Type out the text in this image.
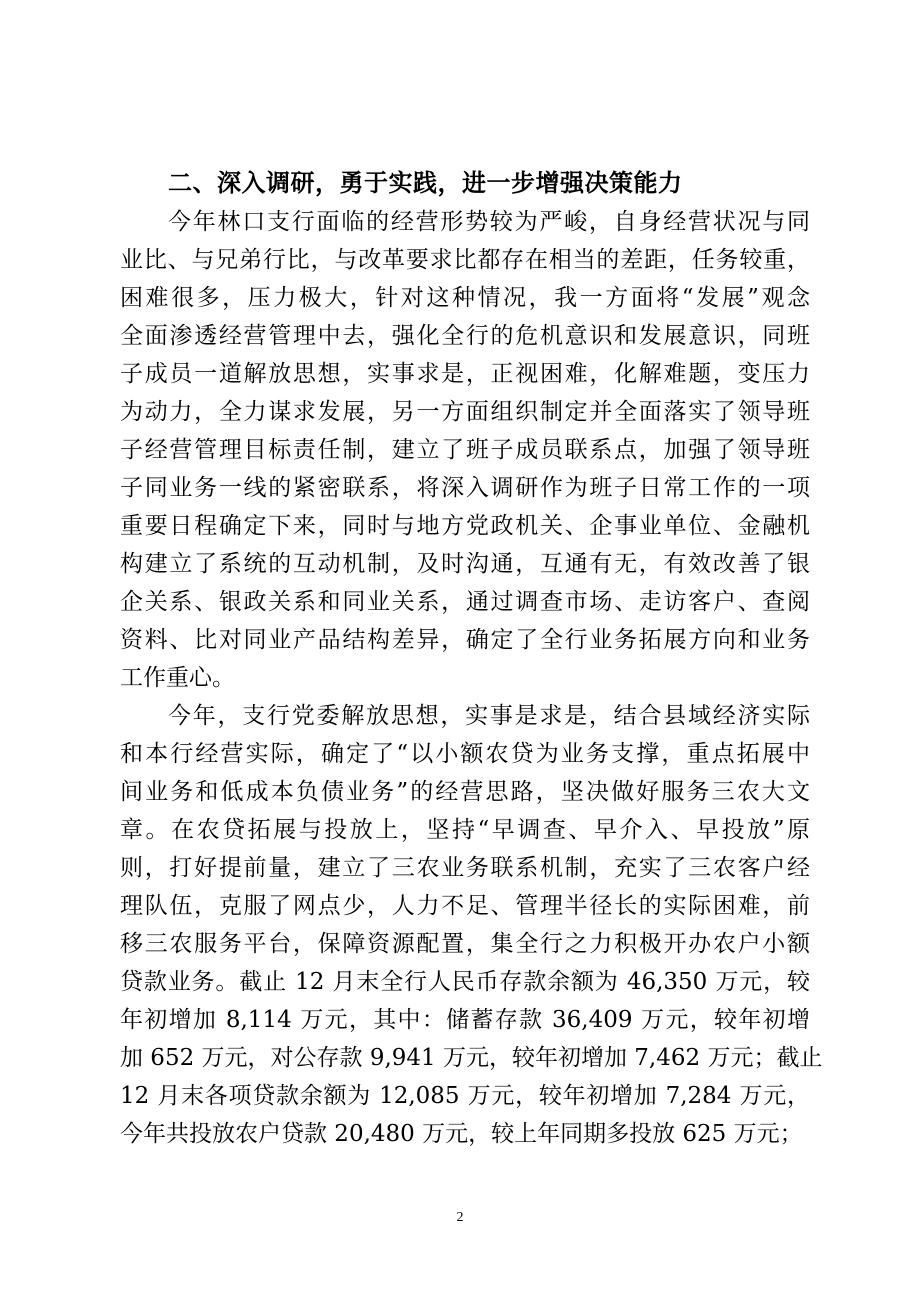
二、深入调研，勇于实践，进一步增强决策能力
今年林口支行面临的经营形势较为严峻，自身经营状况与同
业比、与兄弟行比，与改革要求比都存在相当的差距，任务较重，
困难很多，压力极大，针对这种情况，我一方面将“发展”观念
全面渗透经营管理中去，强化全行的危机意识和发展意识，同班
子成员一道解放思想，实事求是，正视困难，化解难题，变压力
为动力，全力谋求发展，另一方面组织制定并全面落实了领导班
子经营管理目标责任制，建立了班子成员联系点，加强了领导班
子同业务一线的紧密联系，将深入调研作为班子日常工作的一项
重要日程确定下来，同时与地方党政机关、企事业单位、金融机
构建立了系统的互动机制，及时沟通，互通有无，有效改善了银
企关系、银政关系和同业关系，通过调查市场、走访客户、查阅
资料、比对同业产品结构差异，确定了全行业务拓展方向和业务
工作重心。
今年，支行党委解放思想，实事是求是，结合县域经济实际
和本行经营实际，确定了“以小额农贷为业务支撑，重点拓展中
间业务和低成本负债业务”的经营思路，坚决做好服务三农大文
章。在农贷拓展与投放上，坚持“早调查、早介入、早投放”原
则，打好提前量，建立了三农业务联系机制，充实了三农客户经
理队伍，克服了网点少，人力不足、管理半径长的实际困难，前
移三农服务平台，保障资源配置，集全行之力积极开办农户小额
贷款业务。截止 12 月末全行人民币存款余额为 46,350 万元，较
年初增加 8,114 万元，其中：储蓄存款 36,409 万元，较年初增
加 652 万元，对公存款 9,941 万元，较年初增加 7,462 万元；截止
12 月末各项贷款余额为 12,085 万元，较年初增加 7,284 万元，
今年共投放农户贷款 20,480 万元，较上年同期多投放 625 万元；
2
